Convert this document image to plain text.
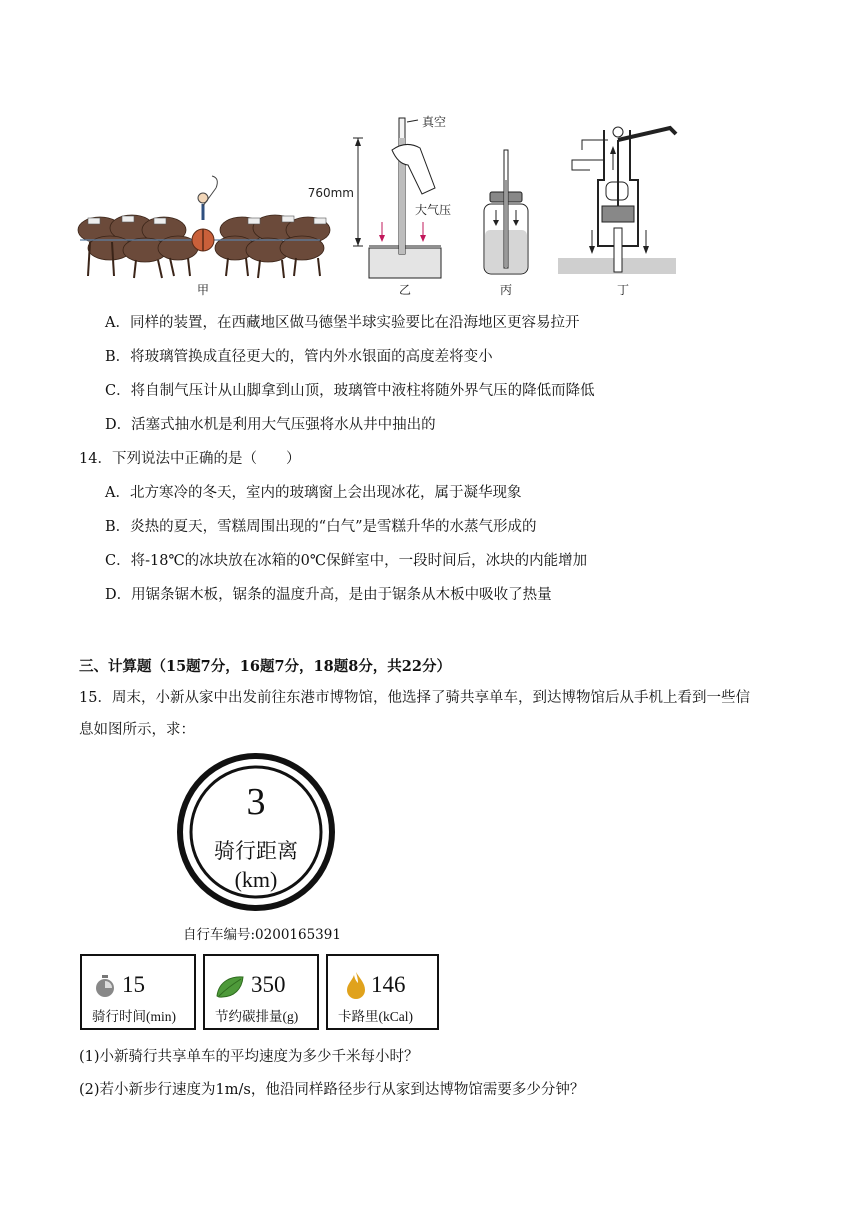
甲
760mm
真空
大气压
乙	丙	丁
A．同样的装置，在西藏地区做马德堡半球实验要比在沿海地区更容易拉开
B．将玻璃管换成直径更大的，管内外水银面的高度差将变小
C．将自制气压计从山脚拿到山顶，玻璃管中液柱将随外界气压的降低而降低
D．活塞式抽水机是利用大气压强将水从井中抽出的
14．下列说法中正确的是（　　）
A．北方寒冷的冬天，室内的玻璃窗上会出现冰花，属于凝华现象
B．炎热的夏天，雪糕周围出现的“白气”是雪糕升华的水蒸气形成的
C．将-18℃的冰块放在冰箱的0℃保鲜室中，一段时间后，冰块的内能增加
D．用锯条锯木板，锯条的温度升高，是由于锯条从木板中吸收了热量
三、计算题（15题7分，16题7分，18题8分，共22分）
15．周末，小新从家中出发前往东港市博物馆，他选择了骑共享单车，到达博物馆后从手机上看到一些信
息如图所示，求：
3
骑行距离
(km)
自行车编号:0200165391
15
骑行时间(min)
350
节约碳排量(g)
146
卡路里(kCal)
(1)小新骑行共享单车的平均速度为多少千米每小时？
(2)若小新步行速度为1m/s，他沿同样路径步行从家到达博物馆需要多少分钟？
